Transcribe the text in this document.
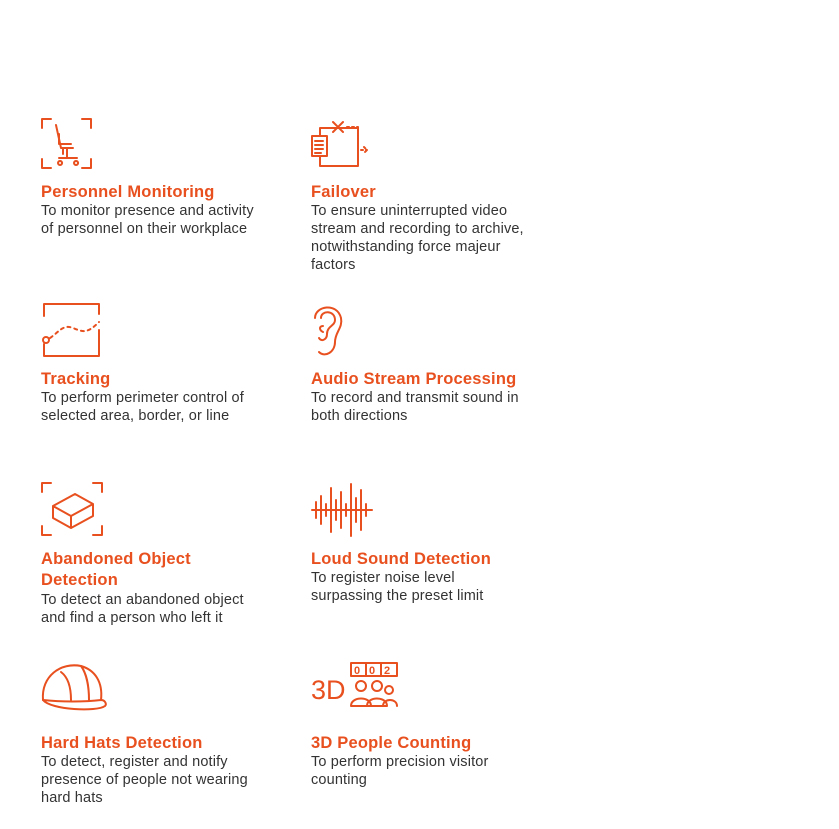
Personnel Monitoring
To monitor presence and activity
of personnel on their workplace
Failover
To ensure uninterrupted video
stream and recording to archive,
notwithstanding force majeur
factors
Tracking
To perform perimeter control of
selected area, border, or line
Audio Stream Processing
To record and transmit sound in
both directions
Abandoned Object
Detection
To detect an abandoned object
and find a person who left it
Loud Sound Detection
To register noise level
surpassing the preset limit
Hard Hats Detection
To detect, register and notify
presence of people not wearing
hard hats
3D
0 0 2
3D People Counting
To perform precision visitor
counting
